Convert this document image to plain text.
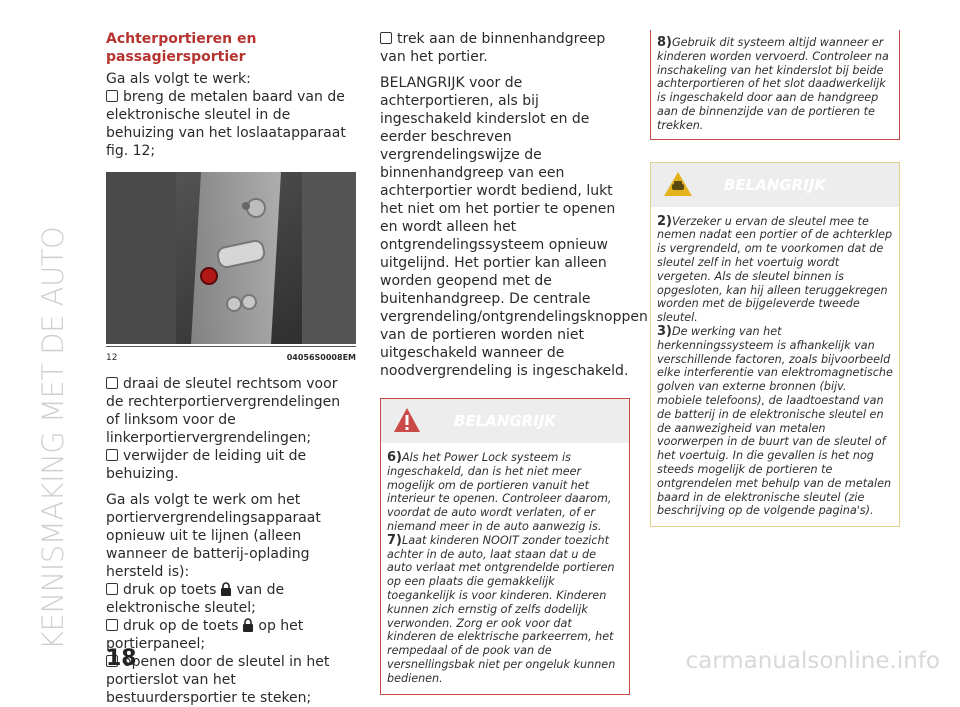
KENNISMAKING MET DE AUTO
Achterportieren en passagiersportier

Ga als volgt te werk:

breng de metalen baard van de elektronische sleutel in de behuizing van het loslaatapparaat fig. 12;

12	04056S0008EM

draai de sleutel rechtsom voor de rechterportiervergrendelingen of linksom voor de linkerportiervergrendelingen;

verwijder de leiding uit de behuizing.

Ga als volgt te werk om het portiervergrendelingsapparaat opnieuw uit te lijnen (alleen wanneer de batterij-oplading hersteld is):

druk op toets van de elektronische sleutel;

druk op de toets op het portierpaneel;

openen door de sleutel in het portierslot van het bestuurdersportier te steken;

trek aan de binnenhandgreep van het portier.

BELANGRIJK voor de achterportieren, als bij ingeschakeld kinderslot en de eerder beschreven vergrendelingswijze de binnenhandgreep van een achterportier wordt bediend, lukt het niet om het portier te openen en wordt alleen het ontgrendelingssysteem opnieuw uitgelijnd. Het portier kan alleen worden geopend met de buitenhandgreep. De centrale vergrendeling/ontgrendelingsknoppen van de portieren worden niet uitgeschakeld wanneer de noodvergrendeling is ingeschakeld.

BELANGRIJK

6)Als het Power Lock systeem is ingeschakeld, dan is het niet meer mogelijk om de portieren vanuit het interieur te openen. Controleer daarom, voordat de auto wordt verlaten, of er niemand meer in de auto aanwezig is.

7)Laat kinderen NOOIT zonder toezicht achter in de auto, laat staan dat u de auto verlaat met ontgrendelde portieren op een plaats die gemakkelijk toegankelijk is voor kinderen. Kinderen kunnen zich ernstig of zelfs dodelijk verwonden. Zorg er ook voor dat kinderen de elektrische parkeerrem, het rempedaal of de pook van de versnellingsbak niet per ongeluk kunnen bedienen.

8)Gebruik dit systeem altijd wanneer er kinderen worden vervoerd. Controleer na inschakeling van het kinderslot bij beide achterportieren of het slot daadwerkelijk is ingeschakeld door aan de handgreep aan de binnenzijde van de portieren te trekken.

BELANGRIJK

2)Verzeker u ervan de sleutel mee te nemen nadat een portier of de achterklep is vergrendeld, om te voorkomen dat de sleutel zelf in het voertuig wordt vergeten. Als de sleutel binnen is opgesloten, kan hij alleen teruggekregen worden met de bijgeleverde tweede sleutel.

3)De werking van het herkenningssysteem is afhankelijk van verschillende factoren, zoals bijvoorbeeld elke interferentie van elektromagnetische golven van externe bronnen (bijv. mobiele telefoons), de laadtoestand van de batterij in de elektronische sleutel en de aanwezigheid van metalen voorwerpen in de buurt van de sleutel of het voertuig. In die gevallen is het nog steeds mogelijk de portieren te ontgrendelen met behulp van de metalen baard in de elektronische sleutel (zie beschrijving op de volgende pagina's).

18	carmanualsonline.info
